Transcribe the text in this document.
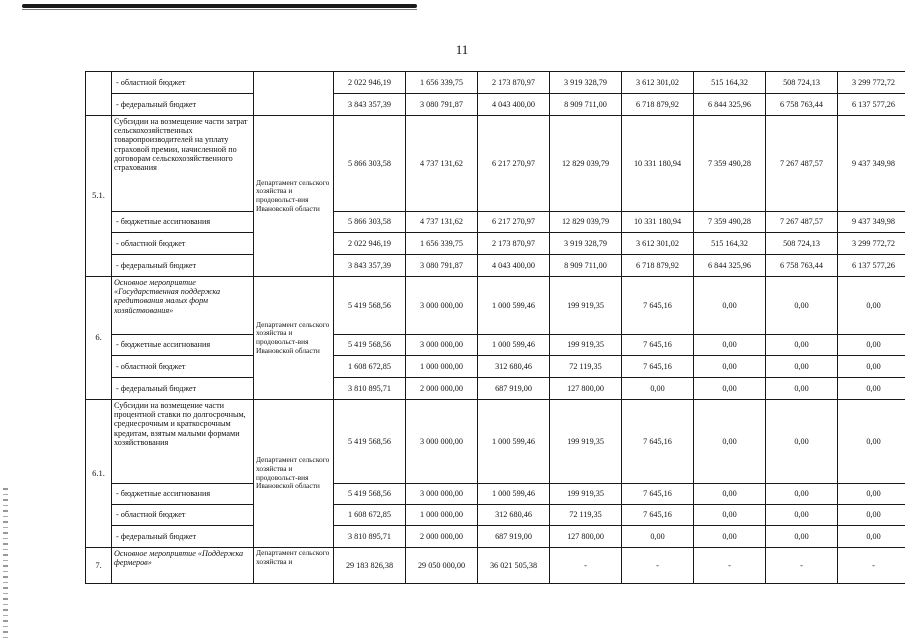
11
	- областной бюджет		2 022 946,19	1 656 339,75	2 173 870,97	3 919 328,79	3 612 301,02	515 164,32	508 724,13	3 299 772,72
	- федеральный бюджет		3 843 357,39	3 080 791,87	4 043 400,00	8 909 711,00	6 718 879,92	6 844 325,96	6 758 763,44	6 137 577,26
5.1.	Субсидии на возмещение части затрат сельскохозяйственных товаропроизводителей на уплату страховой премии, начисленной по договорам сельскохозяйственного страхования	Департамент сельского хозяйства и продовольст-вия Ивановской области	5 866 303,58	4 737 131,62	6 217 270,97	12 829 039,79	10 331 180,94	7 359 490,28	7 267 487,57	9 437 349,98
	- бюджетные ассигнования		5 866 303,58	4 737 131,62	6 217 270,97	12 829 039,79	10 331 180,94	7 359 490,28	7 267 487,57	9 437 349,98
	- областной бюджет		2 022 946,19	1 656 339,75	2 173 870,97	3 919 328,79	3 612 301,02	515 164,32	508 724,13	3 299 772,72
	- федеральный бюджет		3 843 357,39	3 080 791,87	4 043 400,00	8 909 711,00	6 718 879,92	6 844 325,96	6 758 763,44	6 137 577,26
6.	Основное мероприятие «Государственная поддержка кредитования малых форм хозяйствования»	Департамент сельского хозяйства и продовольст-вия Ивановской области	5 419 568,56	3 000 000,00	1 000 599,46	199 919,35	7 645,16	0,00	0,00	0,00
	- бюджетные ассигнования		5 419 568,56	3 000 000,00	1 000 599,46	199 919,35	7 645,16	0,00	0,00	0,00
	- областной бюджет		1 608 672,85	1 000 000,00	312 680,46	72 119,35	7 645,16	0,00	0,00	0,00
	- федеральный бюджет		3 810 895,71	2 000 000,00	687 919,00	127 800,00	0,00	0,00	0,00	0,00
6.1.	Субсидии на возмещение части процентной ставки по долгосрочным, среднесрочным и краткосрочным кредитам, взятым малыми формами хозяйствования	Департамент сельского хозяйства и продовольст-вия Ивановской области	5 419 568,56	3 000 000,00	1 000 599,46	199 919,35	7 645,16	0,00	0,00	0,00
	- бюджетные ассигнования		5 419 568,56	3 000 000,00	1 000 599,46	199 919,35	7 645,16	0,00	0,00	0,00
	- областной бюджет		1 608 672,85	1 000 000,00	312 680,46	72 119,35	7 645,16	0,00	0,00	0,00
	- федеральный бюджет		3 810 895,71	2 000 000,00	687 919,00	127 800,00	0,00	0,00	0,00	0,00
7.	Основное мероприятие «Поддержка фермеров»	Департамент сельского хозяйства и	29 183 826,38	29 050 000,00	36 021 505,38	-	-	-	-	-
